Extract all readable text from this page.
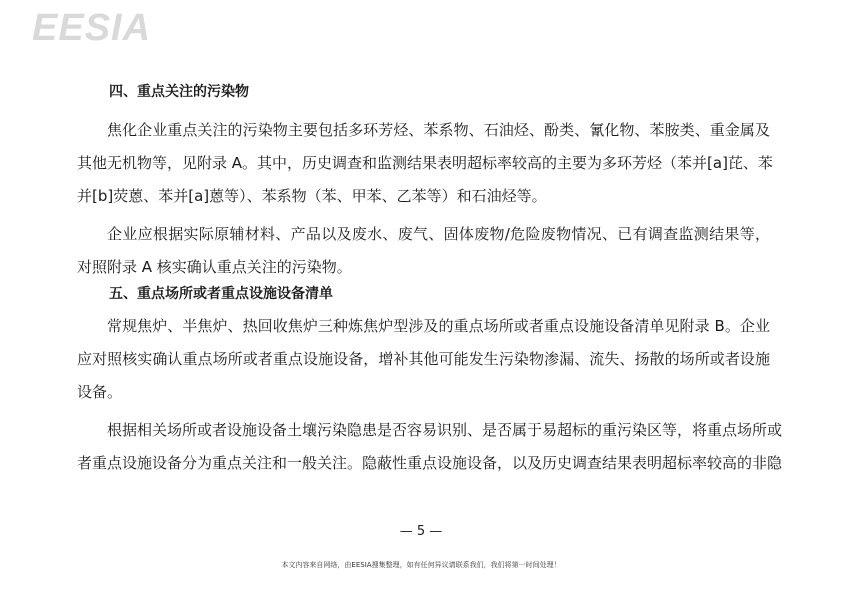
EESIA
四、重点关注的污染物

焦化企业重点关注的污染物主要包括多环芳烃、苯系物、石油烃、酚类、氰化物、苯胺类、重金属及
其他无机物等，见附录 A。其中，历史调查和监测结果表明超标率较高的主要为多环芳烃（苯并[a]芘、苯
并[b]荧蒽、苯并[a]蒽等）、苯系物（苯、甲苯、乙苯等）和石油烃等。

企业应根据实际原辅材料、产品以及废水、废气、固体废物/危险废物情况、已有调查监测结果等，
对照附录 A 核实确认重点关注的污染物。

五、重点场所或者重点设施设备清单

常规焦炉、半焦炉、热回收焦炉三种炼焦炉型涉及的重点场所或者重点设施设备清单见附录 B。企业
应对照核实确认重点场所或者重点设施设备，增补其他可能发生污染物渗漏、流失、扬散的场所或者设施
设备。

根据相关场所或者设施设备土壤污染隐患是否容易识别、是否属于易超标的重污染区等，将重点场所或
者重点设施设备分为重点关注和一般关注。隐蔽性重点设施设备，以及历史调查结果表明超标率较高的非隐

— 5 —
本文内容来自网络，由EESIA搜集整理，如有任何异议请联系我们，我们将第一时间处理！
